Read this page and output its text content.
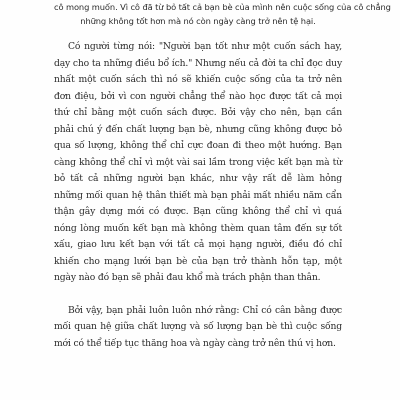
cô mong muốn. Vì cô đã từ bỏ tất cả bạn bè của mình nên cuộc sống của cô chẳng
những không tốt hơn mà nó còn ngày càng trở nên tệ hại.

Có người từng nói: "Người bạn tốt như một cuốn sách hay, dạy cho ta những điều bổ ích." Nhưng nếu cả đời ta chỉ đọc duy nhất một cuốn sách thì nó sẽ khiến cuộc sống của ta trở nên đơn điệu, bởi vì con người chẳng thể nào học được tất cả mọi thứ chỉ bằng một cuốn sách được. Bởi vậy cho nên, bạn cần phải chú ý đến chất lượng bạn bè, nhưng cũng không được bỏ qua số lượng, không thể chỉ cực đoan đi theo một hướng. Bạn càng không thể chỉ vì một vài sai lầm trong việc kết bạn mà từ bỏ tất cả những người bạn khác, như vậy rất dễ làm hỏng những mối quan hệ thân thiết mà bạn phải mất nhiều năm cẩn thận gây dựng mới có được. Bạn cũng không thể chỉ vì quá nóng lòng muốn kết bạn mà không thèm quan tâm đến sự tốt xấu, giao lưu kết bạn với tất cả mọi hạng người, điều đó chỉ khiến cho mạng lưới bạn bè của bạn trở thành hỗn tạp, một ngày nào đó bạn sẽ phải đau khổ mà trách phận than thân.

Bởi vậy, bạn phải luôn luôn nhớ rằng: Chỉ có cân bằng được mối quan hệ giữa chất lượng và số lượng bạn bè thì cuộc sống mới có thể tiếp tục thăng hoa và ngày càng trở nên thú vị hơn.
